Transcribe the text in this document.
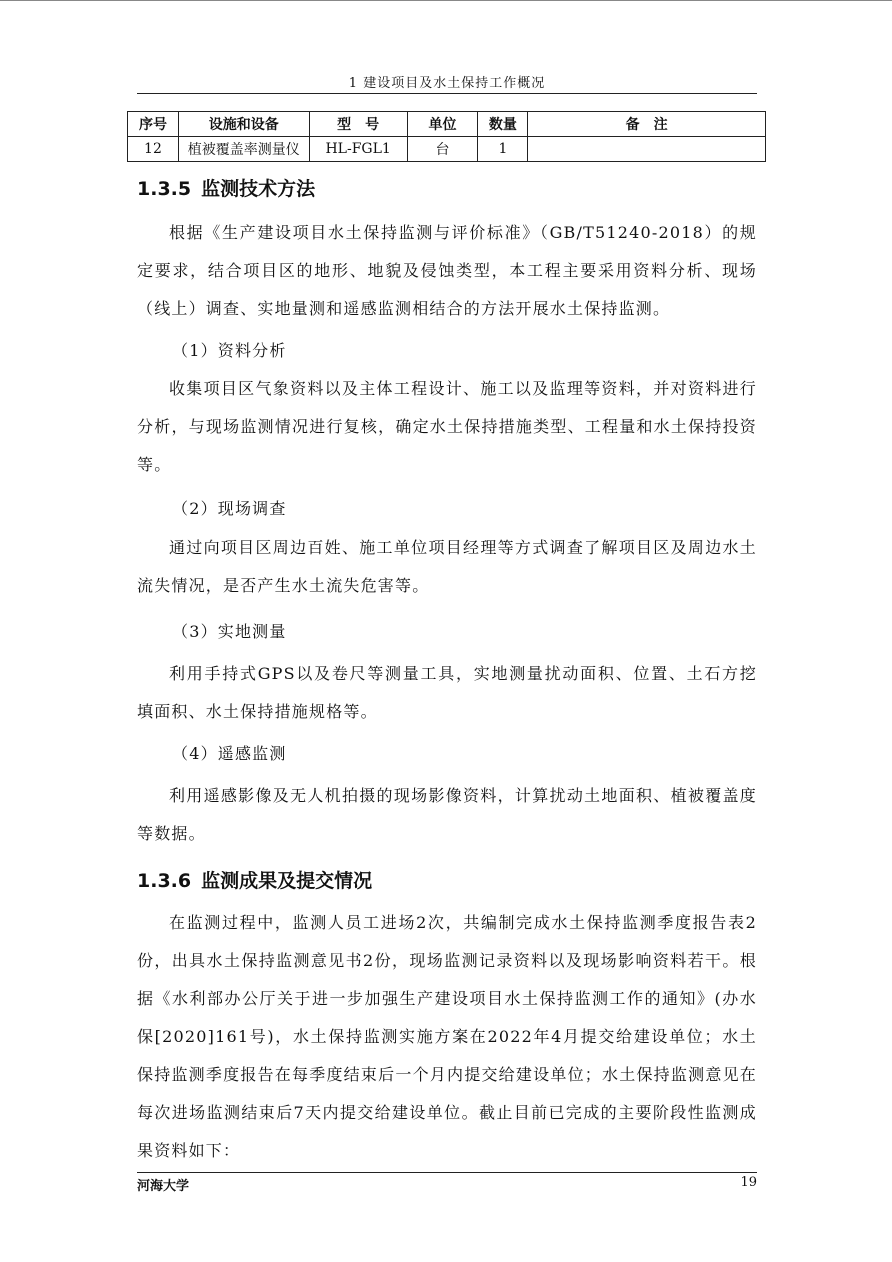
1 建设项目及水土保持工作概况
序号	设施和设备	型　号	单位	数量	备　注
12	植被覆盖率测量仪	HL-FGL1	台	1	
1.3.5 监测技术方法

根据《生产建设项目水土保持监测与评价标准》（GB/T51240-2018）的规定要求，结合项目区的地形、地貌及侵蚀类型，本工程主要采用资料分析、现场（线上）调查、实地量测和遥感监测相结合的方法开展水土保持监测。

（1）资料分析

收集项目区气象资料以及主体工程设计、施工以及监理等资料，并对资料进行分析，与现场监测情况进行复核，确定水土保持措施类型、工程量和水土保持投资等。

（2）现场调查

通过向项目区周边百姓、施工单位项目经理等方式调查了解项目区及周边水土流失情况，是否产生水土流失危害等。

（3）实地测量

利用手持式GPS以及卷尺等测量工具，实地测量扰动面积、位置、土石方挖填面积、水土保持措施规格等。

（4）遥感监测

利用遥感影像及无人机拍摄的现场影像资料，计算扰动土地面积、植被覆盖度等数据。

1.3.6 监测成果及提交情况

在监测过程中，监测人员工进场2次，共编制完成水土保持监测季度报告表2份，出具水土保持监测意见书2份，现场监测记录资料以及现场影响资料若干。根据《水利部办公厅关于进一步加强生产建设项目水土保持监测工作的通知》(办水保[2020]161号)，水土保持监测实施方案在2022年4月提交给建设单位；水土保持监测季度报告在每季度结束后一个月内提交给建设单位；水土保持监测意见在每次进场监测结束后7天内提交给建设单位。截止目前已完成的主要阶段性监测成果资料如下：

河海大学	19
